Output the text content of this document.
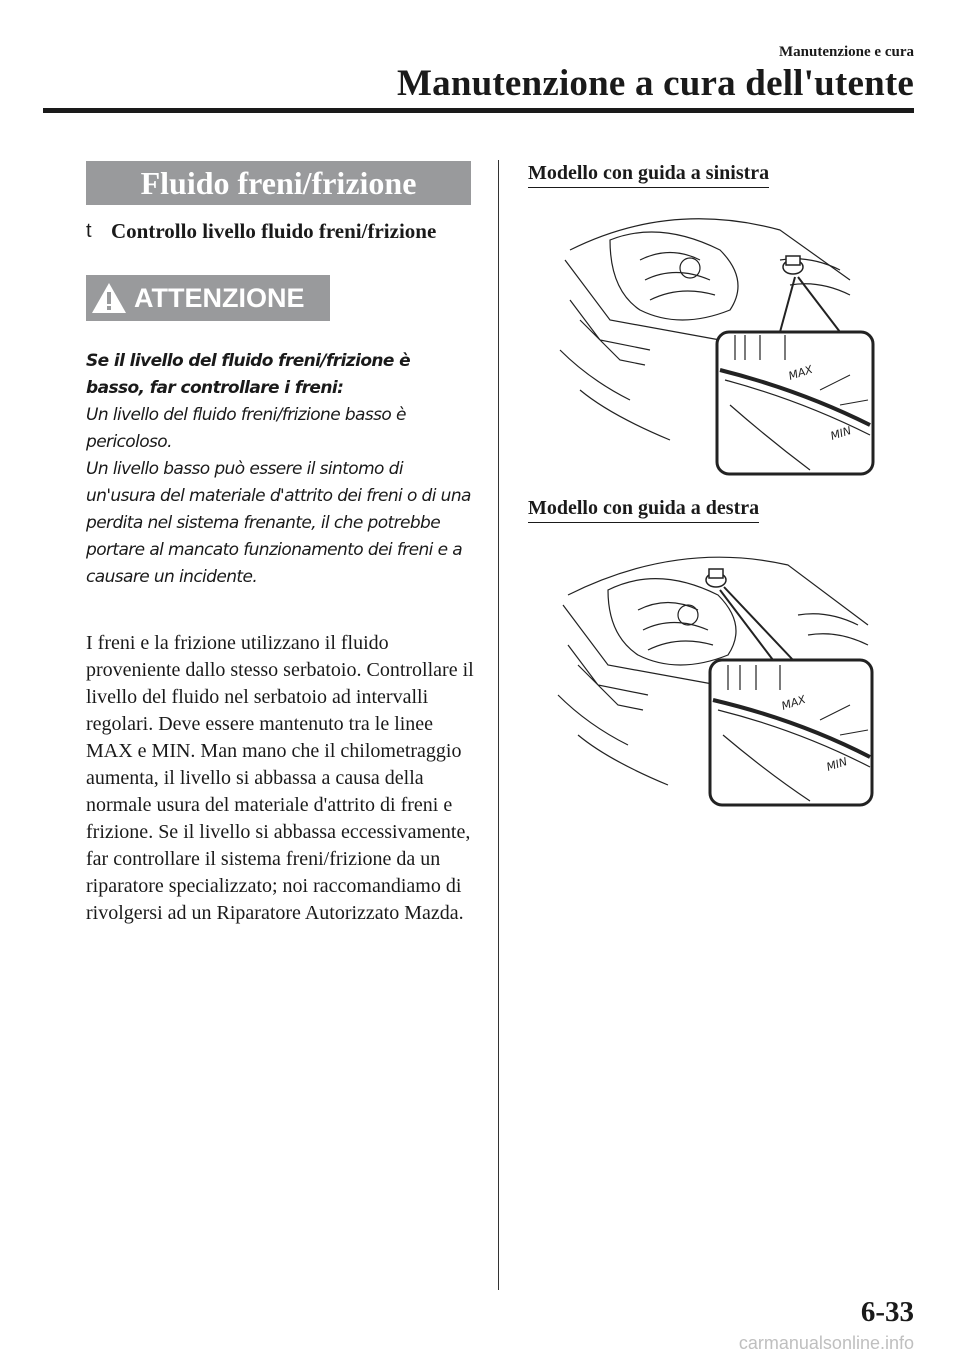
Manutenzione e cura
Manutenzione a cura dell'utente
Fluido freni/frizione
t Controllo livello fluido freni/frizione
ATTENZIONE
Se il livello del fluido freni/frizione è basso, far controllare i freni:
Un livello del fluido freni/frizione basso è pericoloso.
Un livello basso può essere il sintomo di un'usura del materiale d'attrito dei freni o di una perdita nel sistema frenante, il che potrebbe portare al mancato funzionamento dei freni e a causare un incidente.
I freni e la frizione utilizzano il fluido proveniente dallo stesso serbatoio. Controllare il livello del fluido nel serbatoio ad intervalli regolari. Deve essere mantenuto tra le linee MAX e MIN. Man mano che il chilometraggio aumenta, il livello si abbassa a causa della normale usura del materiale d'attrito di freni e frizione. Se il livello si abbassa eccessivamente, far controllare il sistema freni/frizione da un riparatore specializzato; noi raccomandiamo di rivolgersi ad un Riparatore Autorizzato Mazda.
Modello con guida a sinistra
MAX
MIN
Modello con guida a destra
MAX
MIN
6-33
carmanualsonline.info
